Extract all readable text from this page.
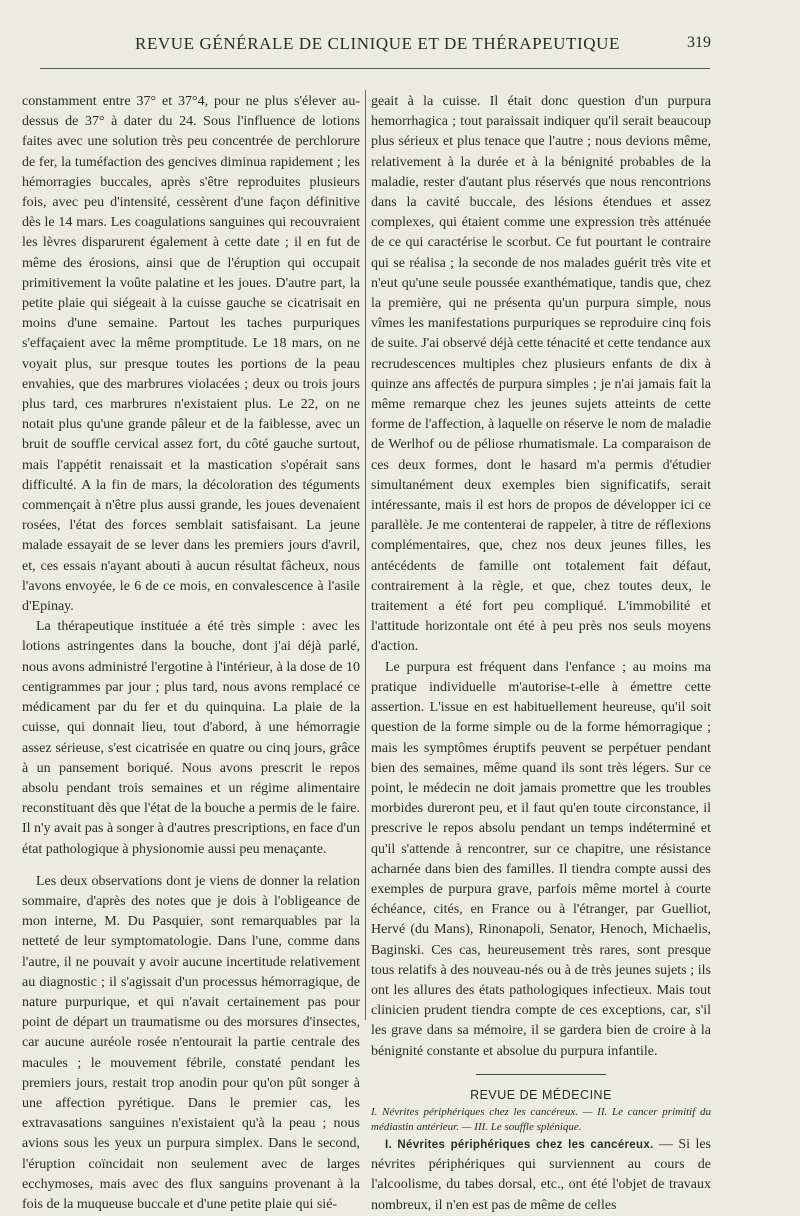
REVUE GÉNÉRALE DE CLINIQUE ET DE THÉRAPEUTIQUE	319

constamment entre 37° et 37°4, pour ne plus s'élever au-dessus de 37° à dater du 24. Sous l'influence de lotions faites avec une solution très peu concentrée de perchlorure de fer, la tuméfaction des gencives diminua rapidement ; les hémorragies buccales, après s'être reproduites plusieurs fois, avec peu d'intensité, cessèrent d'une façon définitive dès le 14 mars. Les coagulations sanguines qui recouvraient les lèvres disparurent également à cette date ; il en fut de même des érosions, ainsi que de l'éruption qui occupait primitivement la voûte palatine et les joues. D'autre part, la petite plaie qui siégeait à la cuisse gauche se cicatrisait en moins d'une semaine. Partout les taches purpuriques s'effaçaient avec la même promptitude. Le 18 mars, on ne voyait plus, sur presque toutes les portions de la peau envahies, que des marbrures violacées ; deux ou trois jours plus tard, ces marbrures n'existaient plus. Le 22, on ne notait plus qu'une grande pâleur et de la faiblesse, avec un bruit de souffle cervical assez fort, du côté gauche surtout, mais l'appétit renaissait et la mastication s'opérait sans difficulté. A la fin de mars, la décoloration des téguments commençait à n'être plus aussi grande, les joues devenaient rosées, l'état des forces semblait satisfaisant. La jeune malade essayait de se lever dans les premiers jours d'avril, et, ces essais n'ayant abouti à aucun résultat fâcheux, nous l'avons envoyée, le 6 de ce mois, en convalescence à l'asile d'Epinay.

La thérapeutique instituée a été très simple : avec les lotions astringentes dans la bouche, dont j'ai déjà parlé, nous avons administré l'ergotine à l'intérieur, à la dose de 10 centigrammes par jour ; plus tard, nous avons remplacé ce médicament par du fer et du quinquina. La plaie de la cuisse, qui donnait lieu, tout d'abord, à une hémorragie assez sérieuse, s'est cicatrisée en quatre ou cinq jours, grâce à un pansement boriqué. Nous avons prescrit le repos absolu pendant trois semaines et un régime alimentaire reconstituant dès que l'état de la bouche a permis de le faire. Il n'y avait pas à songer à d'autres prescriptions, en face d'un état pathologique à physionomie aussi peu menaçante.

Les deux observations dont je viens de donner la relation sommaire, d'après des notes que je dois à l'obligeance de mon interne, M. Du Pasquier, sont remarquables par la netteté de leur symptomatologie. Dans l'une, comme dans l'autre, il ne pouvait y avoir aucune incertitude relativement au diagnostic ; il s'agissait d'un processus hémorragique, de nature purpurique, et qui n'avait certainement pas pour point de départ un traumatisme ou des morsures d'insectes, car aucune auréole rosée n'entourait la partie centrale des macules ; le mouvement fébrile, constaté pendant les premiers jours, restait trop anodin pour qu'on pût songer à une affection pyrétique. Dans le premier cas, les extravasations sanguines n'existaient qu'à la peau ; nous avions sous les yeux un purpura simplex. Dans le second, l'éruption coïncidait non seulement avec de larges ecchymoses, mais avec des flux sanguins provenant à la fois de la muqueuse buccale et d'une petite plaie qui sié-

geait à la cuisse. Il était donc question d'un purpura hemorrhagica ; tout paraissait indiquer qu'il serait beaucoup plus sérieux et plus tenace que l'autre ; nous devions même, relativement à la durée et à la bénignité probables de la maladie, rester d'autant plus réservés que nous rencontrions dans la cavité buccale, des lésions étendues et assez complexes, qui étaient comme une expression très atténuée de ce qui caractérise le scorbut. Ce fut pourtant le contraire qui se réalisa ; la seconde de nos malades guérit très vite et n'eut qu'une seule poussée exanthématique, tandis que, chez la première, qui ne présenta qu'un purpura simple, nous vîmes les manifestations purpuriques se reproduire cinq fois de suite. J'ai observé déjà cette ténacité et cette tendance aux recrudescences multiples chez plusieurs enfants de dix à quinze ans affectés de purpura simples ; je n'ai jamais fait la même remarque chez les jeunes sujets atteints de cette forme de l'affection, à laquelle on réserve le nom de maladie de Werlhof ou de péliose rhumatismale. La comparaison de ces deux formes, dont le hasard m'a permis d'étudier simultanément deux exemples bien significatifs, serait intéressante, mais il est hors de propos de développer ici ce parallèle. Je me contenterai de rappeler, à titre de réflexions complémentaires, que, chez nos deux jeunes filles, les antécédents de famille ont totalement fait défaut, contrairement à la règle, et que, chez toutes deux, le traitement a été fort peu compliqué. L'immobilité et l'attitude horizontale ont été à peu près nos seuls moyens d'action.

Le purpura est fréquent dans l'enfance ; au moins ma pratique individuelle m'autorise-t-elle à émettre cette assertion. L'issue en est habituellement heureuse, qu'il soit question de la forme simple ou de la forme hémorragique ; mais les symptômes éruptifs peuvent se perpétuer pendant bien des semaines, même quand ils sont très légers. Sur ce point, le médecin ne doit jamais promettre que les troubles morbides dureront peu, et il faut qu'en toute circonstance, il prescrive le repos absolu pendant un temps indéterminé et qu'il s'attende à rencontrer, sur ce chapitre, une résistance acharnée dans bien des familles. Il tiendra compte aussi des exemples de purpura grave, parfois même mortel à courte échéance, cités, en France ou à l'étranger, par Guelliot, Hervé (du Mans), Rinonapoli, Senator, Henoch, Michaelis, Baginski. Ces cas, heureusement très rares, sont presque tous relatifs à des nouveau-nés ou à de très jeunes sujets ; ils ont les allures des états pathologiques infectieux. Mais tout clinicien prudent tiendra compte de ces exceptions, car, s'il les grave dans sa mémoire, il se gardera bien de croire à la bénignité constante et absolue du purpura infantile.

REVUE DE MÉDECINE

I. Névrites périphériques chez les cancéreux. — II. Le cancer primitif du médiastin antérieur. — III. Le souffle splénique.

I. Névrites périphériques chez les cancéreux. — Si les névrites périphériques qui surviennent au cours de l'alcoolisme, du tabes dorsal, etc., ont été l'objet de travaux nombreux, il n'en est pas de même de celles
